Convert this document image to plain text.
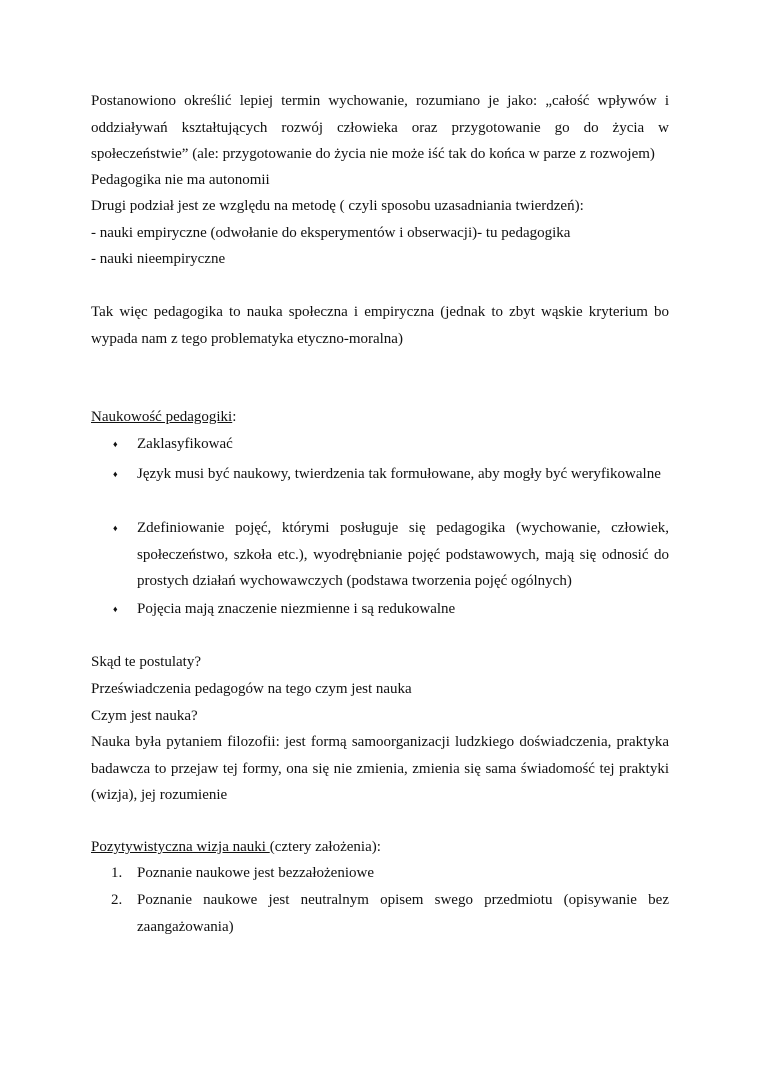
Postanowiono określić lepiej termin wychowanie, rozumiano je jako: „całość wpływów i oddziaływań kształtujących rozwój człowieka oraz przygotowanie go do życia w społeczeństwie” (ale: przygotowanie do życia nie może iść tak do końca w parze z rozwojem)

Pedagogika nie ma autonomii

Drugi podział jest ze względu na metodę ( czyli sposobu uzasadniania twierdzeń):

- nauki empiryczne (odwołanie do eksperymentów i obserwacji)- tu pedagogika

- nauki nieempiryczne

Tak więc pedagogika to nauka społeczna i empiryczna (jednak to zbyt wąskie kryterium bo wypada nam z tego problematyka etyczno-moralna)

Naukowość pedagogiki:

♦ Zaklasyfikować

♦ Język musi być naukowy, twierdzenia tak formułowane, aby mogły być weryfikowalne

♦ Zdefiniowanie pojęć, którymi posługuje się pedagogika (wychowanie, człowiek, społeczeństwo, szkoła etc.), wyodrębnianie pojęć podstawowych, mają się odnosić do prostych działań wychowawczych (podstawa tworzenia pojęć ogólnych)

♦ Pojęcia mają znaczenie niezmienne i są redukowalne

Skąd te postulaty?

Przeświadczenia pedagogów na tego czym jest nauka

Czym jest nauka?

Nauka była pytaniem filozofii: jest formą samoorganizacji ludzkiego doświadczenia, praktyka badawcza to przejaw tej formy, ona się nie zmienia, zmienia się sama świadomość tej praktyki (wizja), jej rozumienie

Pozytywistyczna wizja nauki (cztery założenia):

1. Poznanie naukowe jest bezzałożeniowe

2. Poznanie naukowe jest neutralnym opisem swego przedmiotu (opisywanie bez zaangażowania)
